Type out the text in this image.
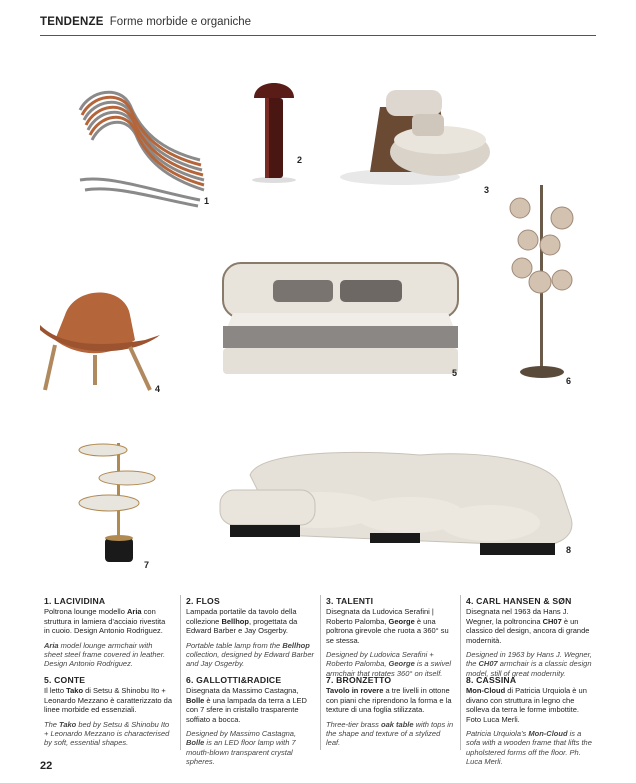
TENDENZE Forme morbide e organiche
1
2
3
6
4
5
7
8
1. LACIVIDINA
Poltrona lounge modello Aria con struttura in lamiera d’acciaio rivestita in cuoio. Design Antonio Rodriguez.
Aria model lounge armchair with sheet steel frame covered in leather. Design Antonio Rodriguez.
2. FLOS
Lampada portatile da tavolo della collezione Bellhop, progettata da Edward Barber e Jay Osgerby.
Portable table lamp from the Bellhop collection, designed by Edward Barber and Jay Osgerby.
3. TALENTI
Disegnata da Ludovica Serafini | Roberto Palomba, George è una poltrona girevole che ruota a 360° su se stessa.
Designed by Ludovica Serafini + Roberto Palomba, George is a swivel armchair that rotates 360° on itself.
4. CARL HANSEN & SØN
Disegnata nel 1963 da Hans J. Wegner, la poltroncina CH07 è un classico del design, ancora di grande modernità.
Designed in 1963 by Hans J. Wegner, the CH07 armchair is a classic design model, still of great modernity.
5. CONTE
Il letto Tako di Setsu & Shinobu Ito + Leonardo Mezzano è caratterizzato da linee morbide ed essenziali.
The Tako bed by Setsu & Shinobu Ito + Leonardo Mezzano is characterised by soft, essential shapes.
6. GALLOTTI&RADICE
Disegnata da Massimo Castagna, Bolle è una lampada da terra a LED con 7 sfere in cristallo trasparente soffiato a bocca.
Designed by Massimo Castagna, Bolle is an LED floor lamp with 7 mouth-blown transparent crystal spheres.
7. BRONZETTO
Tavolo in rovere a tre livelli in ottone con piani che riprendono la forma e la texture di una foglia stilizzata.
Three-tier brass oak table with tops in the shape and texture of a stylized leaf.
8. CASSINA
Mon-Cloud di Patricia Urquiola è un divano con struttura in legno che solleva da terra le forme imbottite. Foto Luca Merli.
Patricia Urquiola’s Mon-Cloud is a sofa with a wooden frame that lifts the upholstered forms off the floor. Ph. Luca Merli.
22
